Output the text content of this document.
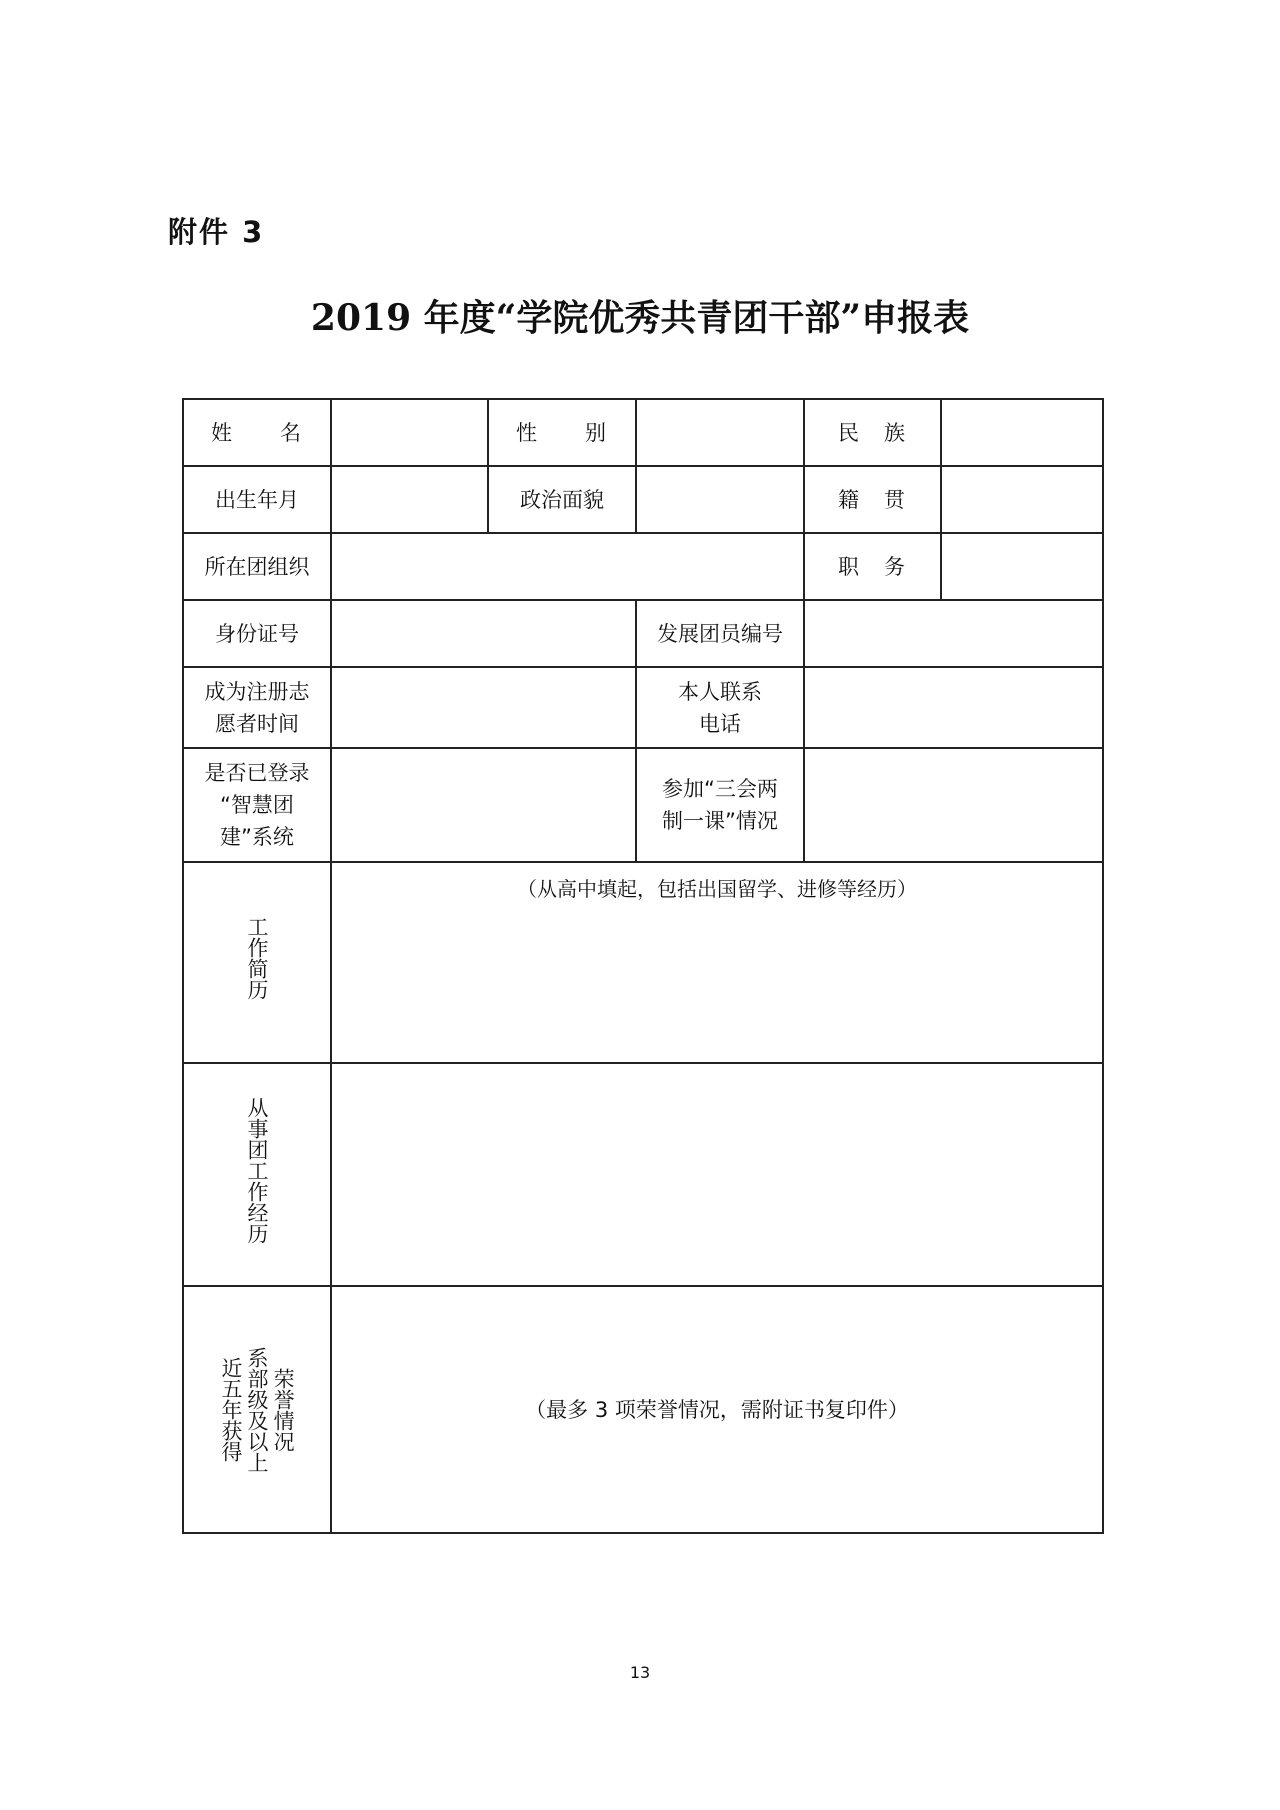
附件 3
2019 年度“学院优秀共青团干部”申报表
姓　　名		性　　别		民　族	
出生年月		政治面貌		籍　贯	
所在团组织				职　务	
身份证号			发展团员编号		
成为注册志
愿者时间			本人联系
电话		
是否已登录
“智慧团
建”系统			参加“三会两
制一课”情况		
工作简历	（从高中填起，包括出国留学、进修等经历）				

从事团工作经历					

荣誉情况
系部级及以上
近五年获得	（最多 3 项荣誉情况，需附证书复印件）				
13
